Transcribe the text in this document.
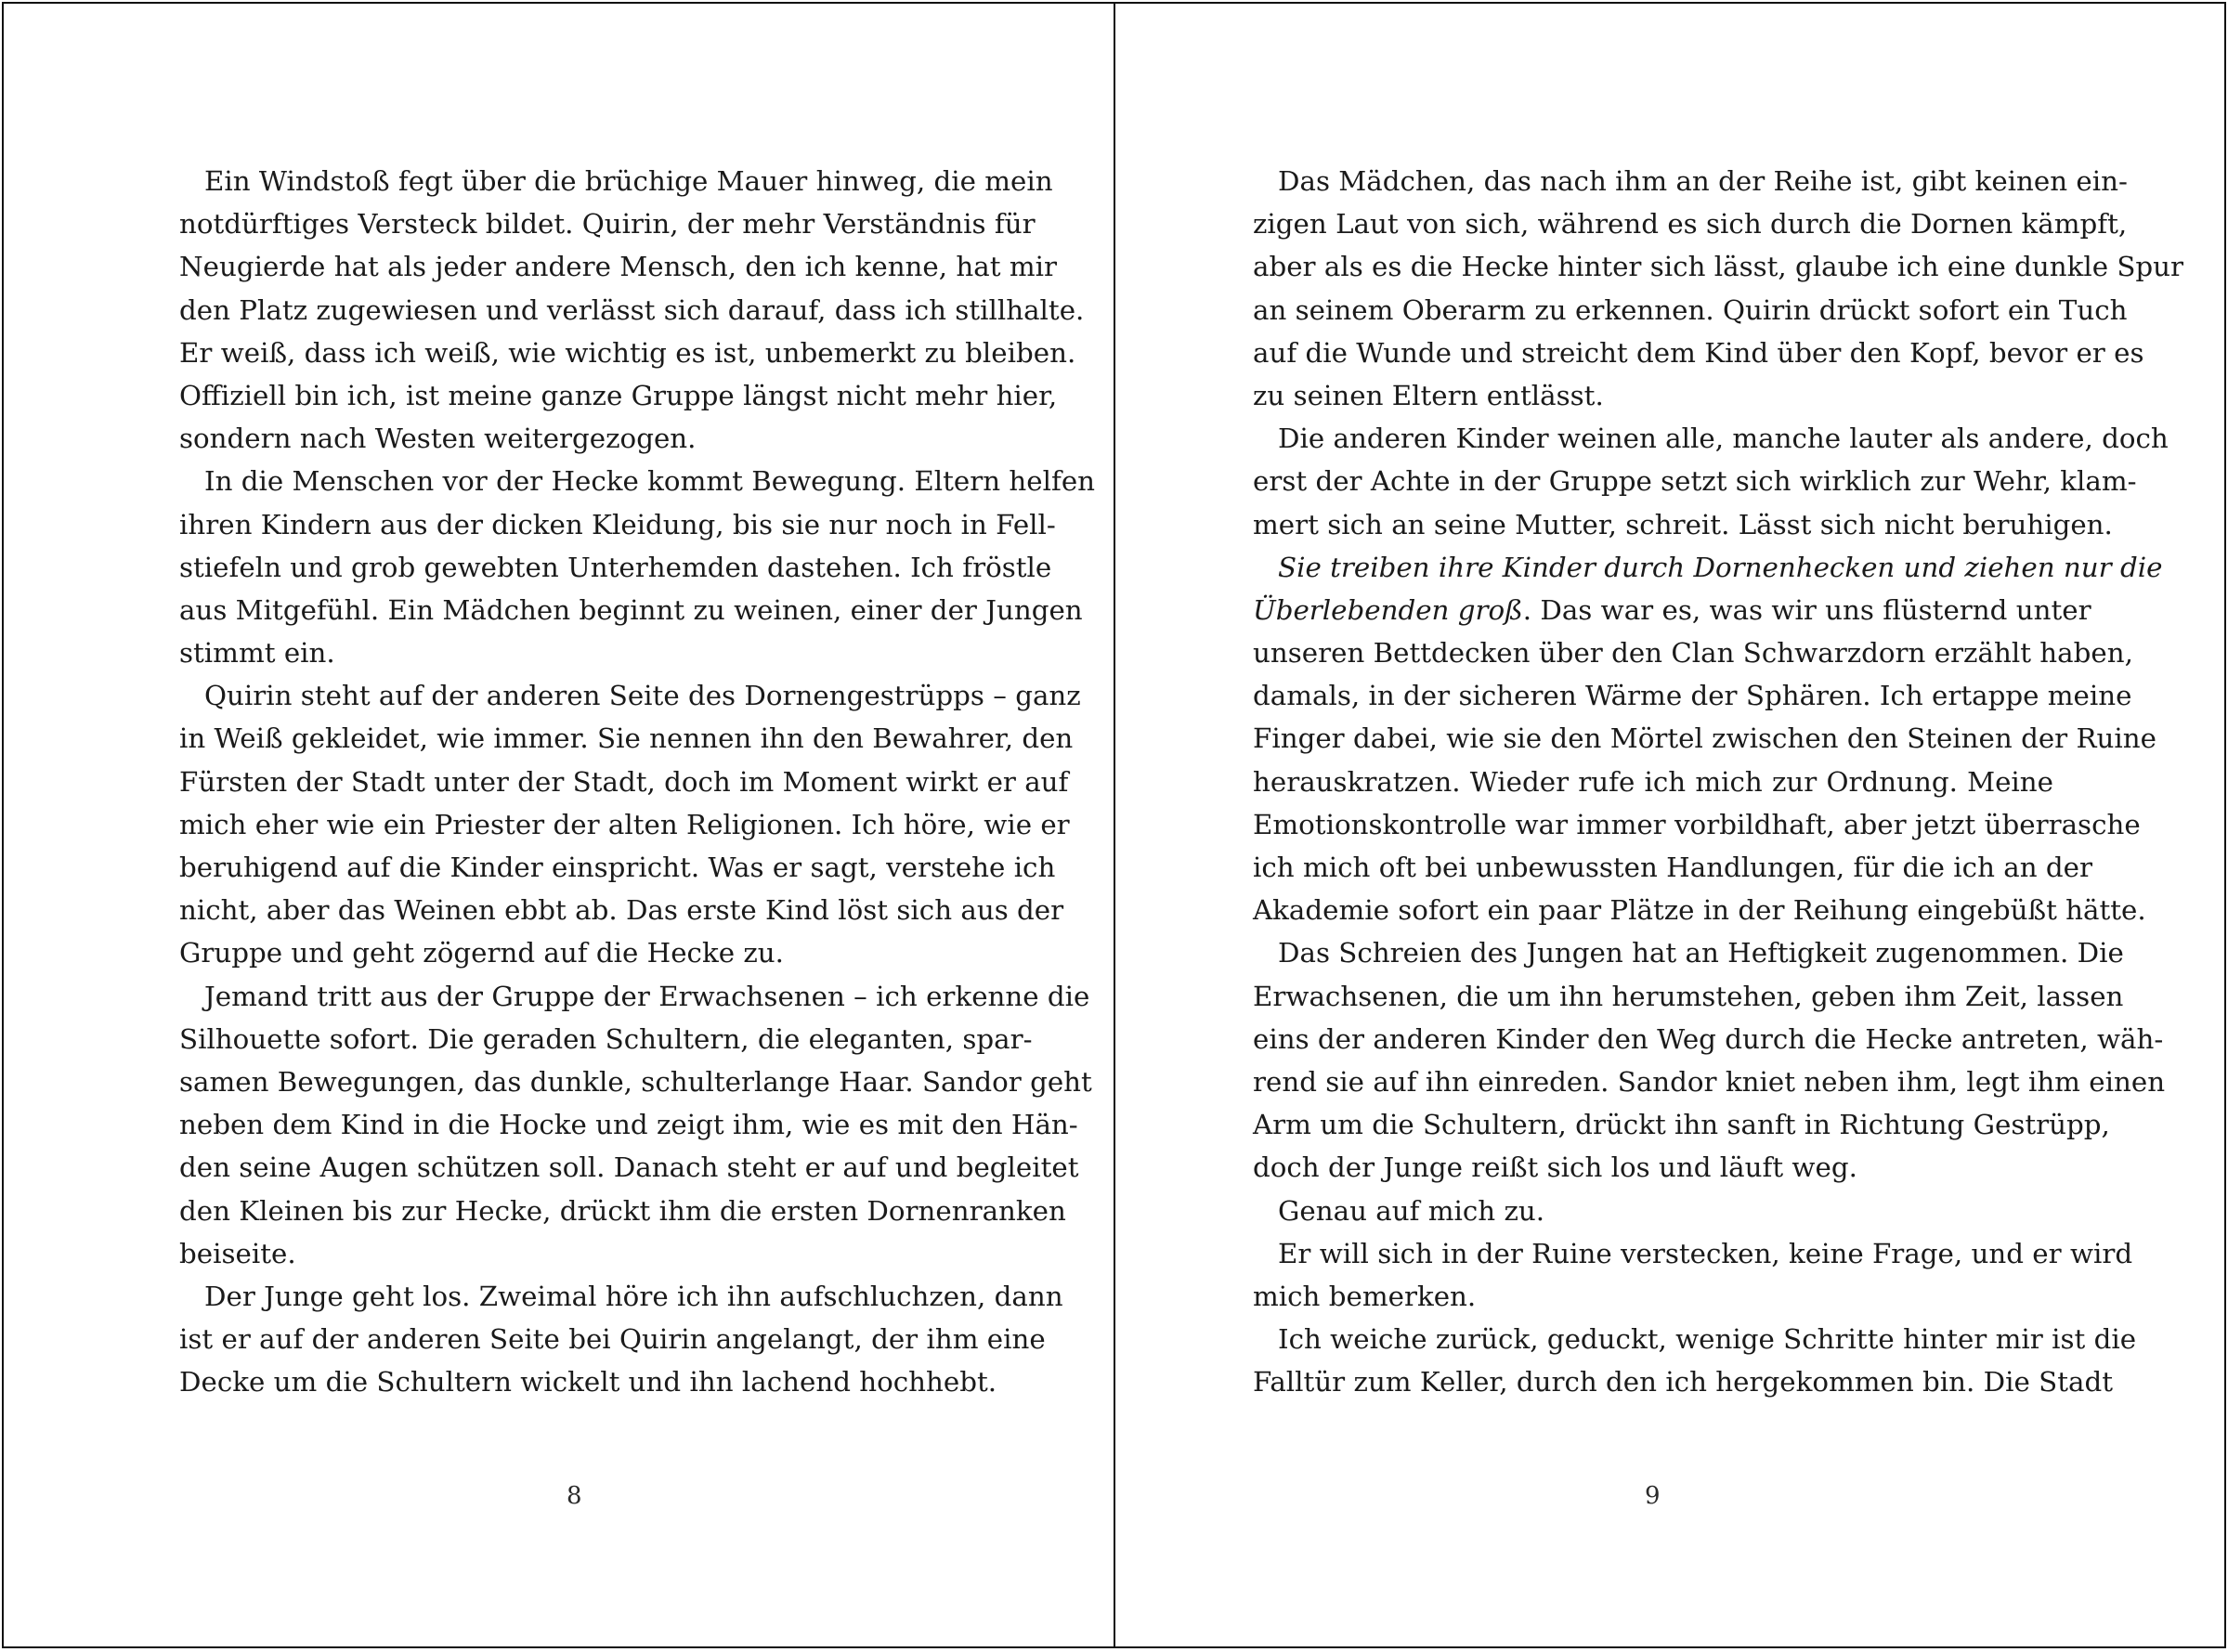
Ein Windstoß fegt über die brüchige Mauer hinweg, die mein
notdürftiges Versteck bildet. Quirin, der mehr Verständnis für
Neugierde hat als jeder andere Mensch, den ich kenne, hat mir
den Platz zugewiesen und verlässt sich darauf, dass ich stillhalte.
Er weiß, dass ich weiß, wie wichtig es ist, unbemerkt zu bleiben.
Offiziell bin ich, ist meine ganze Gruppe längst nicht mehr hier,
sondern nach Westen weitergezogen.
In die Menschen vor der Hecke kommt Bewegung. Eltern helfen
ihren Kindern aus der dicken Kleidung, bis sie nur noch in Fell-
stiefeln und grob gewebten Unterhemden dastehen. Ich fröstle
aus Mitgefühl. Ein Mädchen beginnt zu weinen, einer der Jungen
stimmt ein.
Quirin steht auf der anderen Seite des Dornengestrüpps – ganz
in Weiß gekleidet, wie immer. Sie nennen ihn den Bewahrer, den
Fürsten der Stadt unter der Stadt, doch im Moment wirkt er auf
mich eher wie ein Priester der alten Religionen. Ich höre, wie er
beruhigend auf die Kinder einspricht. Was er sagt, verstehe ich
nicht, aber das Weinen ebbt ab. Das erste Kind löst sich aus der
Gruppe und geht zögernd auf die Hecke zu.
Jemand tritt aus der Gruppe der Erwachsenen – ich erkenne die
Silhouette sofort. Die geraden Schultern, die eleganten, spar-
samen Bewegungen, das dunkle, schulterlange Haar. Sandor geht
neben dem Kind in die Hocke und zeigt ihm, wie es mit den Hän-
den seine Augen schützen soll. Danach steht er auf und begleitet
den Kleinen bis zur Hecke, drückt ihm die ersten Dornenranken
beiseite.
Der Junge geht los. Zweimal höre ich ihn aufschluchzen, dann
ist er auf der anderen Seite bei Quirin angelangt, der ihm eine
Decke um die Schultern wickelt und ihn lachend hochhebt.
8
Das Mädchen, das nach ihm an der Reihe ist, gibt keinen ein-
zigen Laut von sich, während es sich durch die Dornen kämpft,
aber als es die Hecke hinter sich lässt, glaube ich eine dunkle Spur
an seinem Oberarm zu erkennen. Quirin drückt sofort ein Tuch
auf die Wunde und streicht dem Kind über den Kopf, bevor er es
zu seinen Eltern entlässt.
Die anderen Kinder weinen alle, manche lauter als andere, doch
erst der Achte in der Gruppe setzt sich wirklich zur Wehr, klam-
mert sich an seine Mutter, schreit. Lässt sich nicht beruhigen.
Sie treiben ihre Kinder durch Dornenhecken und ziehen nur die
Überlebenden groß. Das war es, was wir uns flüsternd unter
unseren Bettdecken über den Clan Schwarzdorn erzählt haben,
damals, in der sicheren Wärme der Sphären. Ich ertappe meine
Finger dabei, wie sie den Mörtel zwischen den Steinen der Ruine
herauskratzen. Wieder rufe ich mich zur Ordnung. Meine
Emotionskontrolle war immer vorbildhaft, aber jetzt überrasche
ich mich oft bei unbewussten Handlungen, für die ich an der
Akademie sofort ein paar Plätze in der Reihung eingebüßt hätte.
Das Schreien des Jungen hat an Heftigkeit zugenommen. Die
Erwachsenen, die um ihn herumstehen, geben ihm Zeit, lassen
eins der anderen Kinder den Weg durch die Hecke antreten, wäh-
rend sie auf ihn einreden. Sandor kniet neben ihm, legt ihm einen
Arm um die Schultern, drückt ihn sanft in Richtung Gestrüpp,
doch der Junge reißt sich los und läuft weg.
Genau auf mich zu.
Er will sich in der Ruine verstecken, keine Frage, und er wird
mich bemerken.
Ich weiche zurück, geduckt, wenige Schritte hinter mir ist die
Falltür zum Keller, durch den ich hergekommen bin. Die Stadt
9
